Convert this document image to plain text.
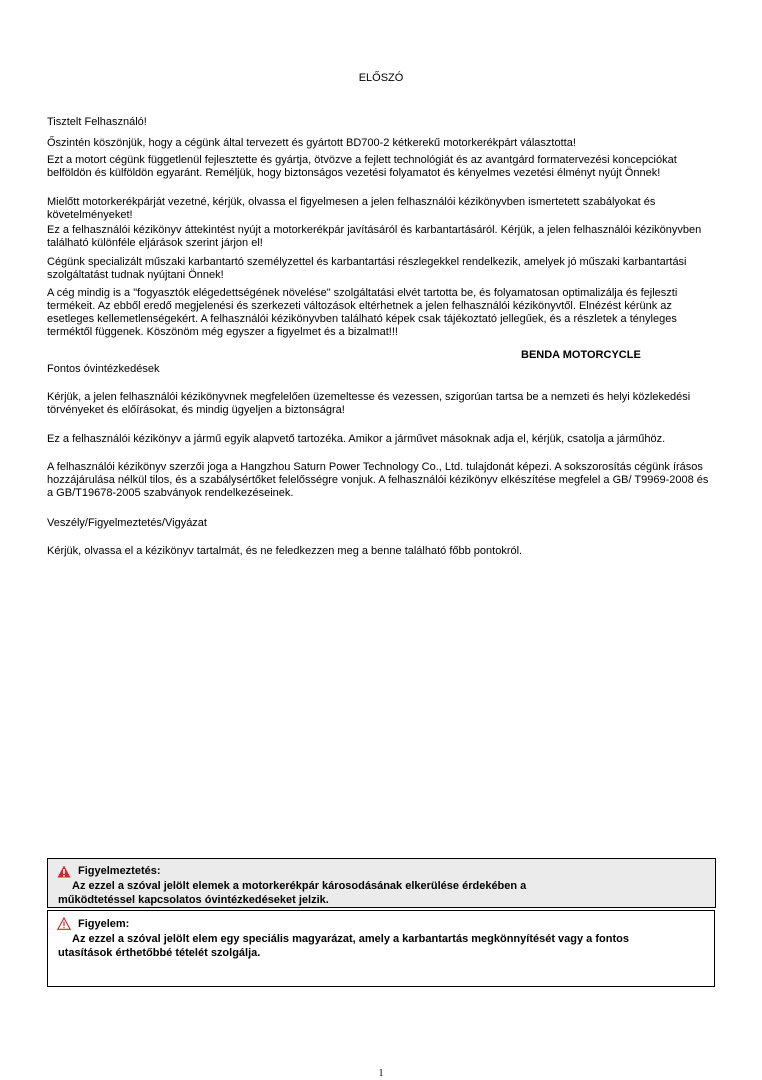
ELŐSZÓ
Tisztelt Felhasználó!
Őszintén köszönjük, hogy a cégünk által tervezett és gyártott BD700-2 kétkerekű motorkerékpárt választotta!
Ezt a motort cégünk függetlenül fejlesztette és gyártja, ötvözve a fejlett technológiát és az avantgárd formatervezési koncepciókat belföldön és külföldön egyaránt. Reméljük, hogy biztonságos vezetési folyamatot és kényelmes vezetési élményt nyújt Önnek!
Mielőtt motorkerékpárját vezetné, kérjük, olvassa el figyelmesen a jelen felhasználói kézikönyvben ismertetett szabályokat és követelményeket!
Ez a felhasználói kézikönyv áttekintést nyújt a motorkerékpár javításáról és karbantartásáról. Kérjük, a jelen felhasználói kézikönyvben található különféle eljárások szerint járjon el!
Cégünk specializált műszaki karbantartó személyzettel és karbantartási részlegekkel rendelkezik, amelyek jó műszaki karbantartási szolgáltatást tudnak nyújtani Önnek!
A cég mindig is a "fogyasztók elégedettségének növelése" szolgáltatási elvét tartotta be, és folyamatosan optimalizálja és fejleszti termékeit. Az ebből eredő megjelenési és szerkezeti változások eltérhetnek a jelen felhasználói kézikönyvtől. Elnézést kérünk az esetleges kellemetlenségekért. A felhasználói kézikönyvben található képek csak tájékoztató jellegűek, és a részletek a tényleges terméktől függenek. Köszönöm még egyszer a figyelmet és a bizalmat!!!
BENDA MOTORCYCLE
Fontos óvintézkedések
Kérjük, a jelen felhasználói kézikönyvnek megfelelően üzemeltesse és vezessen, szigorúan tartsa be a nemzeti és helyi közlekedési törvényeket és előírásokat, és mindig ügyeljen a biztonságra!
Ez a felhasználói kézikönyv a jármű egyik alapvető tartozéka. Amikor a járművet másoknak adja el, kérjük, csatolja a járműhöz.
A felhasználói kézikönyv szerzői joga a Hangzhou Saturn Power Technology Co., Ltd. tulajdonát képezi. A sokszorosítás cégünk írásos hozzájárulása nélkül tilos, és a szabálysértőket felelősségre vonjuk. A felhasználói kézikönyv elkészítése megfelel a GB/ T9969-2008 és a GB/T19678-2005 szabványok rendelkezéseinek.
Veszély/Figyelmeztetés/Vigyázat
Kérjük, olvassa el a kézikönyv tartalmát, és ne feledkezzen meg a benne található főbb pontokról.
Figyelmeztetés:
Az ezzel a szóval jelölt elemek a motorkerékpár károsodásának elkerülése érdekében a
működtetéssel kapcsolatos óvintézkedéseket jelzik.
Figyelem:
Az ezzel a szóval jelölt elem egy speciális magyarázat, amely a karbantartás megkönnyítését vagy a fontos
utasítások érthetőbbé tételét szolgálja.
1
